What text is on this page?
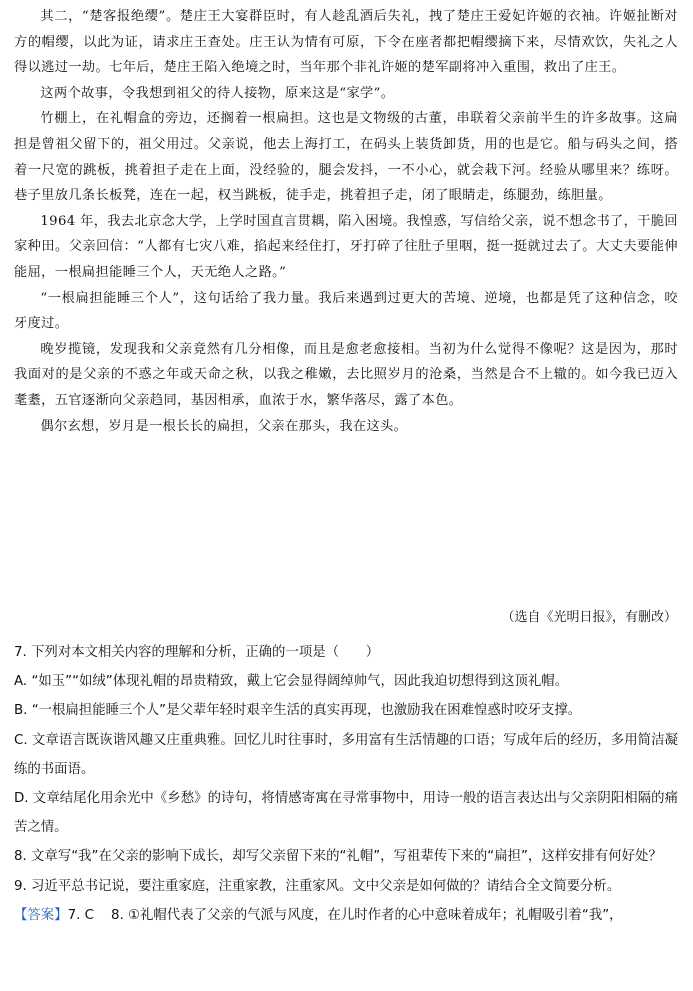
其二，“楚客报绝缨”。楚庄王大宴群臣时，有人趁乱酒后失礼，拽了楚庄王爱妃许姬的衣袖。许姬扯断对方的帽缨，以此为证，请求庄王查处。庄王认为情有可原，下令在座者都把帽缨摘下来，尽情欢饮，失礼之人得以逃过一劫。七年后，楚庄王陷入绝境之时，当年那个非礼许姬的楚军副将冲入重围，救出了庄王。

这两个故事，令我想到祖父的待人接物，原来这是“家学”。

竹棚上，在礼帽盒的旁边，还搁着一根扁担。这也是文物级的古董，串联着父亲前半生的许多故事。这扁担是曾祖父留下的，祖父用过。父亲说，他去上海打工，在码头上装货卸货，用的也是它。船与码头之间，搭着一尺宽的跳板，挑着担子走在上面，没经验的，腿会发抖，一不小心，就会栽下河。经验从哪里来？练呀。巷子里放几条长板凳，连在一起，权当跳板，徒手走，挑着担子走，闭了眼睛走，练腿劲，练胆量。

1964 年，我去北京念大学，上学时国直言贯耦，陷入困境。我惶惑，写信给父亲，说不想念书了，干脆回家种田。父亲回信：“人都有七灾八难，掐起来经住打，牙打碎了往肚子里咽，挺一挺就过去了。大丈夫要能伸能屈，一根扁担能睡三个人，天无绝人之路。”

“一根扁担能睡三个人”，这句话给了我力量。我后来遇到过更大的苦境、逆境，也都是凭了这种信念，咬牙度过。

晚岁揽镜，发现我和父亲竟然有几分相像，而且是愈老愈接相。当初为什么觉得不像呢？这是因为，那时我面对的是父亲的不惑之年或天命之秋，以我之稚嫩，去比照岁月的沧桑，当然是合不上辙的。如今我已迈入耄耋，五官逐渐向父亲趋同，基因相承，血浓于水，繁华落尽，露了本色。

偶尔玄想，岁月是一根长长的扁担，父亲在那头，我在这头。

（选自《光明日报》，有删改）

7. 下列对本文相关内容的理解和分析，正确的一项是（　　）

A. “如玉”“如绒”体现礼帽的昂贵精致，戴上它会显得阔绰帅气，因此我迫切想得到这顶礼帽。

B. “一根扁担能睡三个人”是父辈年轻时艰辛生活的真实再现，也激励我在困难惶惑时咬牙支撑。

C. 文章语言既诙谐风趣又庄重典雅。回忆儿时往事时，多用富有生活情趣的口语；写成年后的经历，多用简洁凝练的书面语。

D. 文章结尾化用余光中《乡愁》的诗句，将情感寄寓在寻常事物中，用诗一般的语言表达出与父亲阴阳相隔的痛苦之情。

8. 文章写“我”在父亲的影响下成长，却写父亲留下来的“礼帽”，写祖辈传下来的“扁担”，这样安排有何好处？

9. 习近平总书记说，要注重家庭，注重家教，注重家风。文中父亲是如何做的？请结合全文简要分析。

【答案】7. C 8. ①礼帽代表了父亲的气派与风度，在儿时作者的心中意味着成年；礼帽吸引着“我”，
